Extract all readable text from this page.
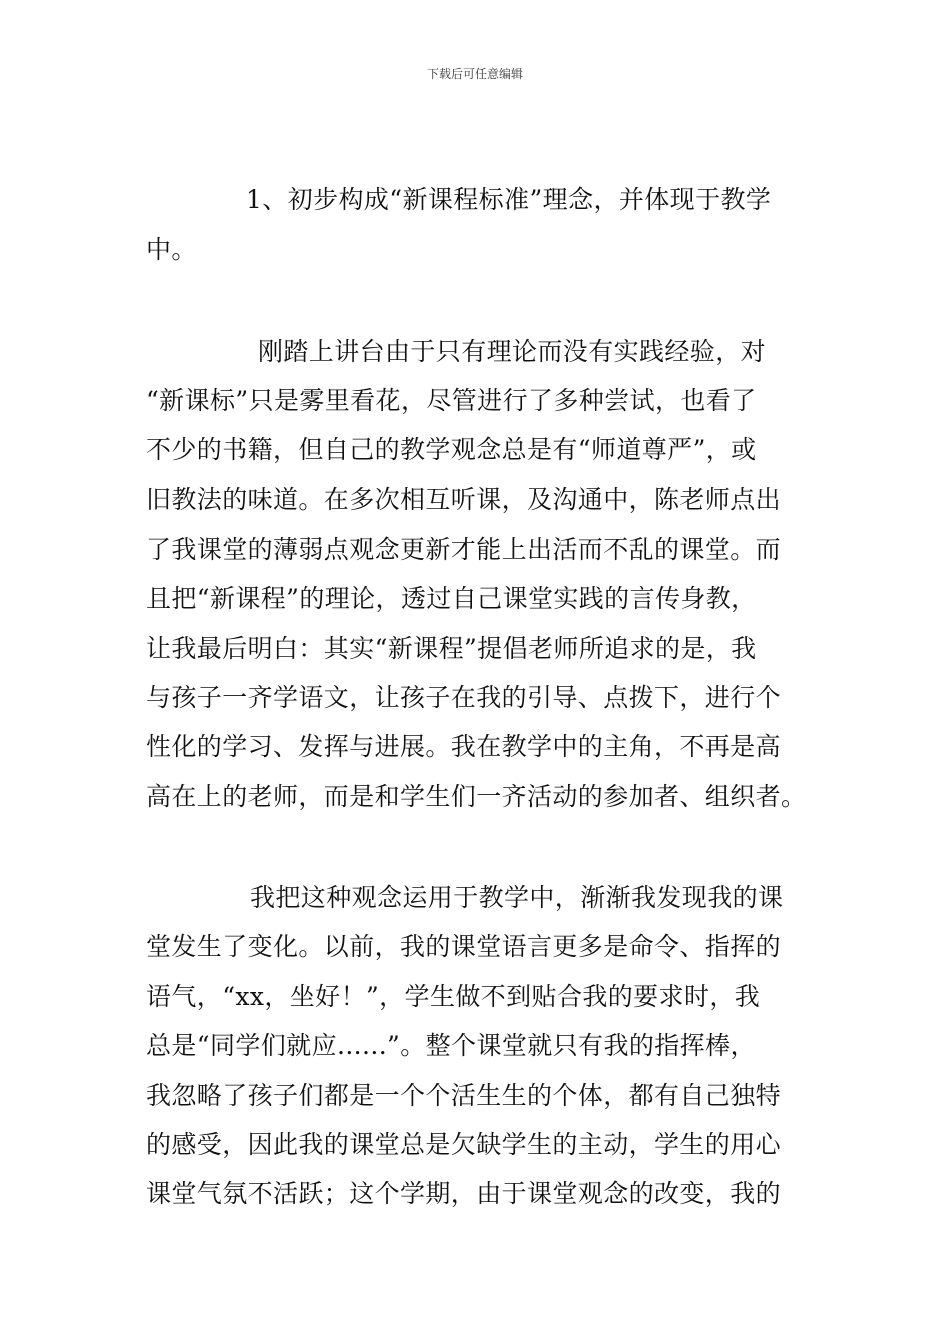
下载后可任意编辑
1、初步构成“新课程标准”理念，并体现于教学
中。
刚踏上讲台由于只有理论而没有实践经验，对
“新课标”只是雾里看花，尽管进行了多种尝试，也看了
不少的书籍，但自己的教学观念总是有“师道尊严”，或
旧教法的味道。在多次相互听课，及沟通中，陈老师点出
了我课堂的薄弱点观念更新才能上出活而不乱的课堂。而
且把“新课程”的理论，透过自己课堂实践的言传身教，
让我最后明白：其实“新课程”提倡老师所追求的是，我
与孩子一齐学语文，让孩子在我的引导、点拨下，进行个
性化的学习、发挥与进展。我在教学中的主角，不再是高
高在上的老师，而是和学生们一齐活动的参加者、组织者。
我把这种观念运用于教学中，渐渐我发现我的课
堂发生了变化。以前，我的课堂语言更多是命令、指挥的
语气，“xx，坐好！”，学生做不到贴合我的要求时，我
总是“同学们就应......”。整个课堂就只有我的指挥棒，
我忽略了孩子们都是一个个活生生的个体，都有自己独特
的感受，因此我的课堂总是欠缺学生的主动，学生的用心
课堂气氛不活跃；这个学期，由于课堂观念的改变，我的
